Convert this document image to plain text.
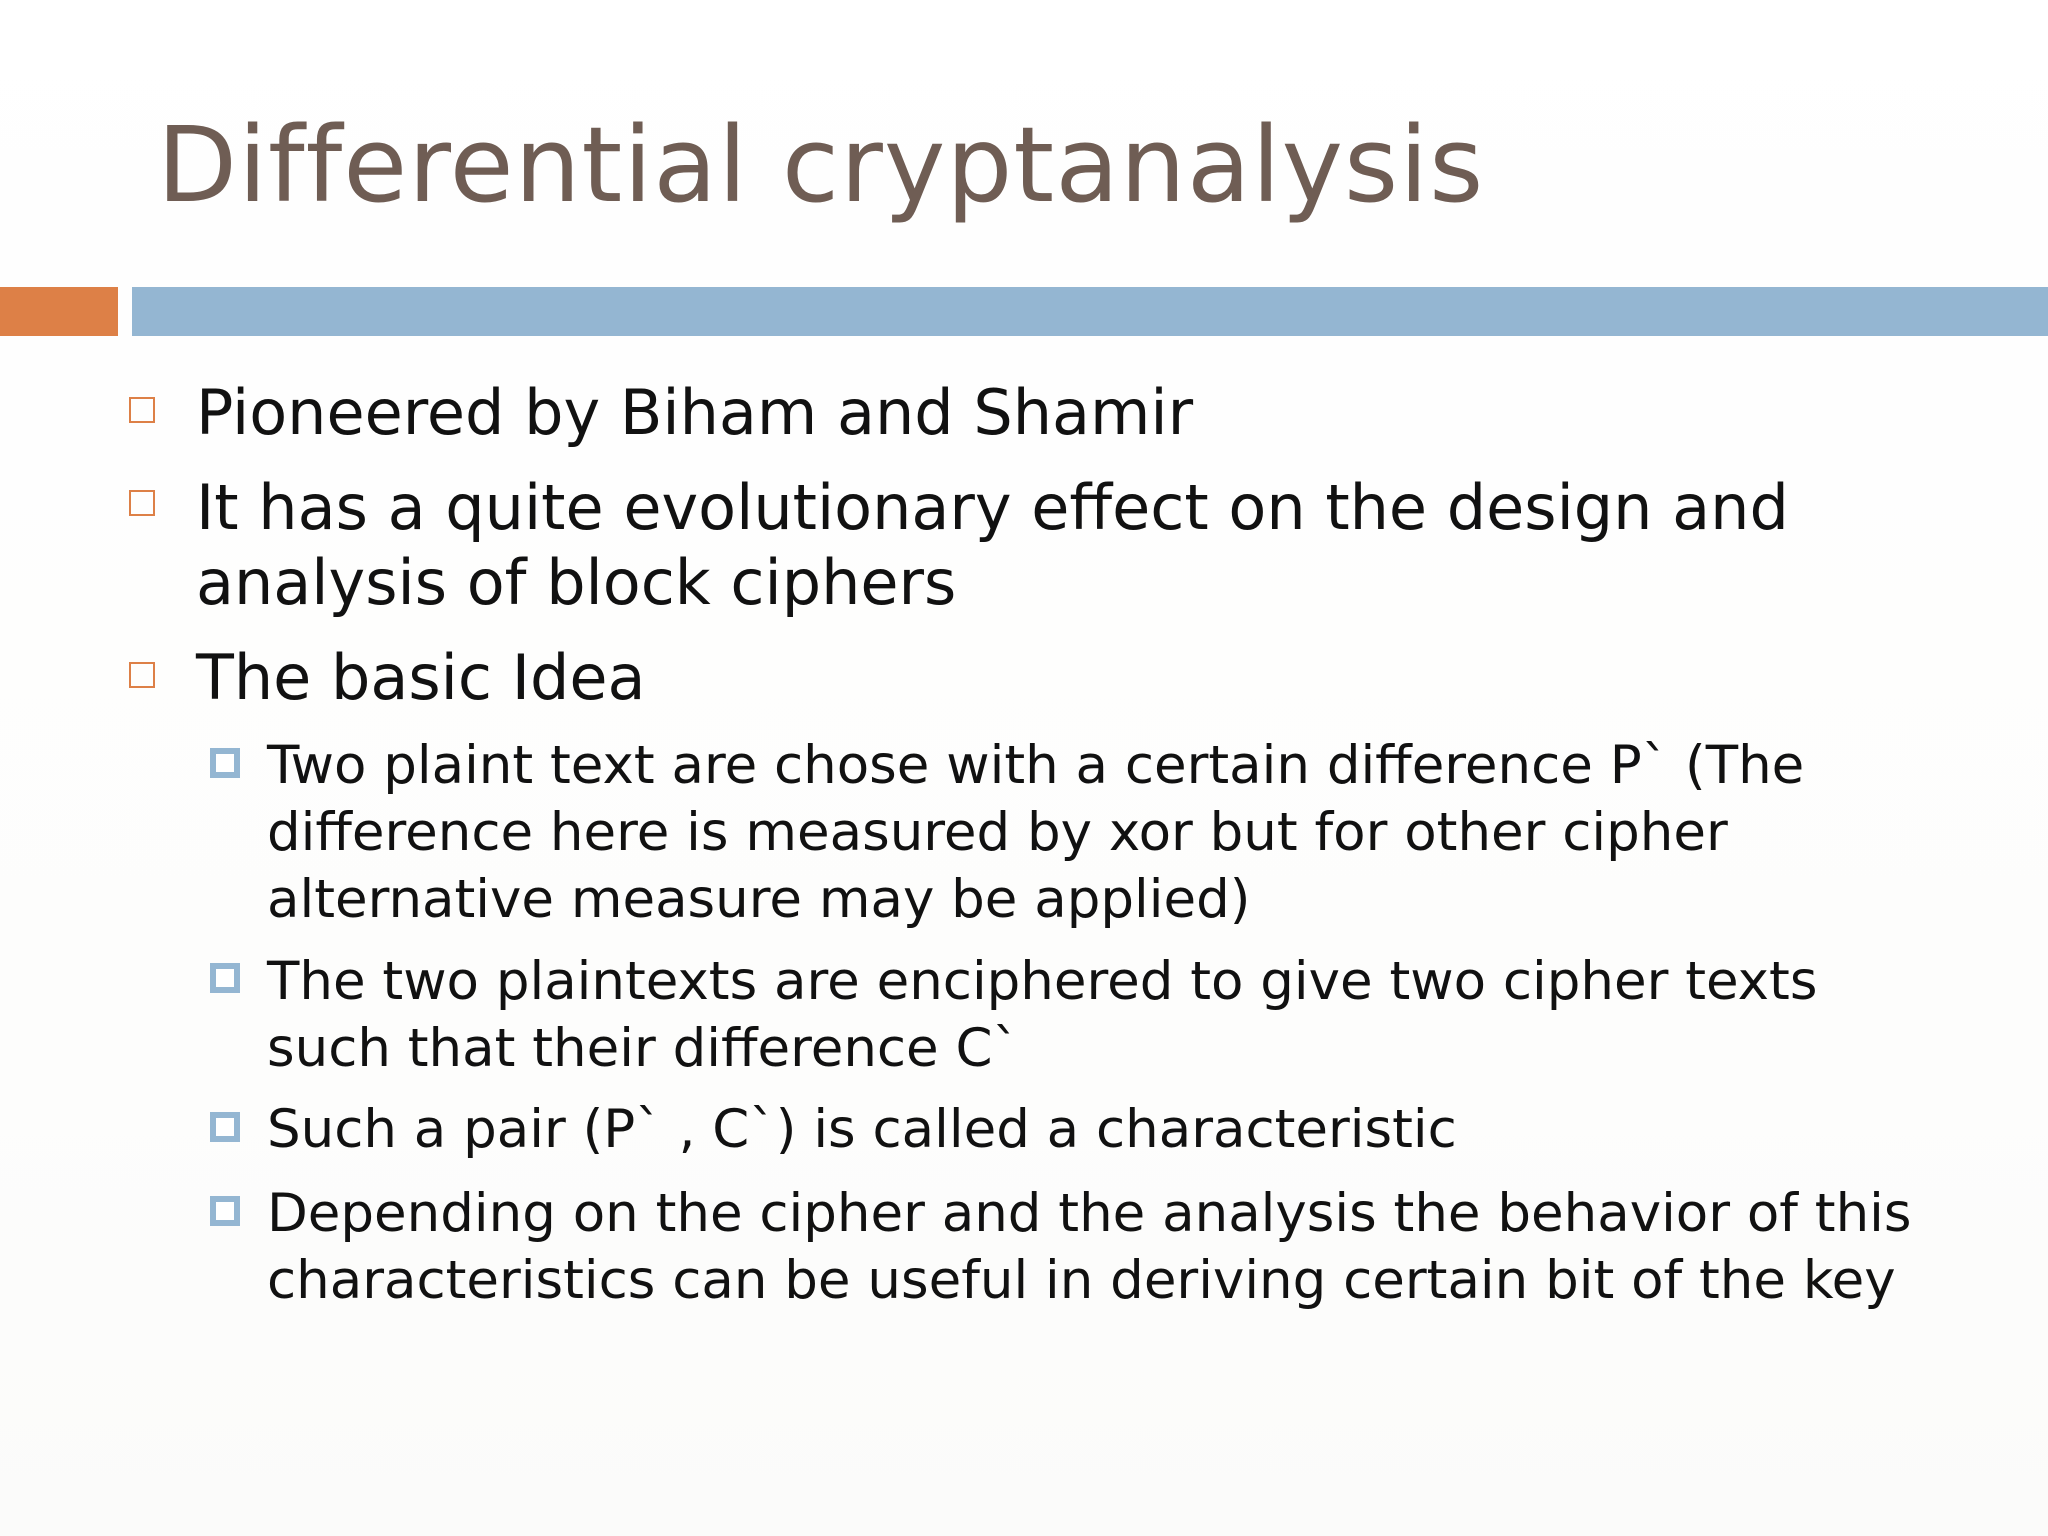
Differential cryptanalysis

Pioneered by Biham and Shamir

It has a quite evolutionary effect on the design and

analysis of block ciphers

The basic Idea

Two plaint text are chose with a certain difference P` (The

difference here is measured by xor but for other cipher

alternative measure may be applied)

The two plaintexts are enciphered to give two cipher texts

such that their difference C`

Such a pair (P` , C`) is called a characteristic

Depending on the cipher and the analysis the behavior of this

characteristics can be useful in deriving certain bit of the key
